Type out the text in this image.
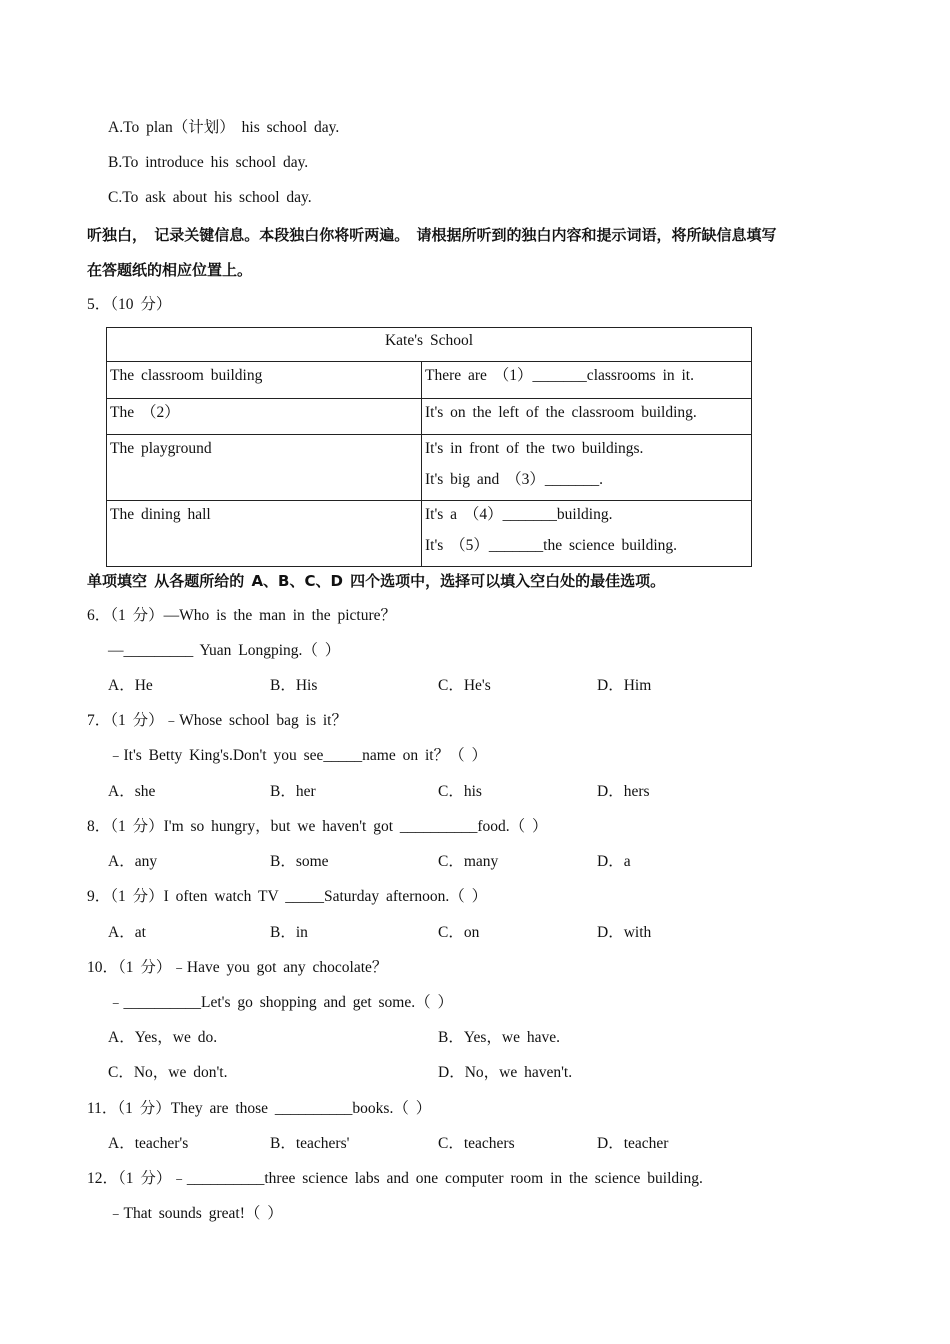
A.To plan（计划） his school day.
B.To introduce his school day.
C.To ask about his school day.
听独白， 记录关键信息。本段独白你将听两遍。 请根据所听到的独白内容和提示词语，将所缺信息填写
在答题纸的相应位置上。
5．（10 分）
Kate's School	
The classroom building	There are （1）_______classrooms in it.
The （2）	It's on the left of the classroom building.
The playground	It's in front of the two buildings.
It's big and （3）_______.

The dining hall	It's a （4）_______building.
It's （5）_______the science building.
单项填空 从各题所给的 A、B、C、D 四个选项中，选择可以填入空白处的最佳选项。
6．（1 分）—Who is the man in the picture？
—_________ Yuan Longping.（ ）
A．He	B．His	C．He's	D．Him
7．（1 分）﹣Whose school bag is it？
﹣It's Betty King's.Don't you see_____name on it？（ ）
A．she	B．her	C．his	D．hers
8．（1 分）I'm so hungry，but we haven't got __________food.（ ）
A．any	B．some	C．many	D．a
9．（1 分）I often watch TV _____Saturday afternoon.（ ）
A．at	B．in	C．on	D．with
10．（1 分）﹣Have you got any chocolate？
﹣__________Let's go shopping and get some.（ ）
A．Yes，we do.	B．Yes，we have.
C．No，we don't.	D．No，we haven't.
11．（1 分）They are those __________books.（ ）
A．teacher's	B．teachers'	C．teachers	D．teacher
12．（1 分）﹣__________three science labs and one computer room in the science building.
﹣That sounds great!（ ）
